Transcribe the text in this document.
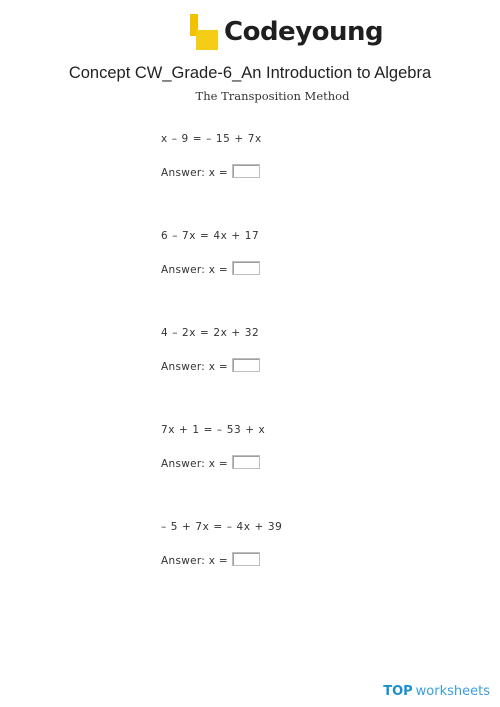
Codeyoung
Concept CW_Grade-6_An Introduction to Algebra
The Transposition Method
x – 9 = – 15 + 7x
Answer: x =
6 – 7x = 4x + 17
Answer: x =
4 – 2x = 2x + 32
Answer: x =
7x + 1 = – 53 + x
Answer: x =
– 5 + 7x = – 4x + 39
Answer: x =
TOP worksheets
